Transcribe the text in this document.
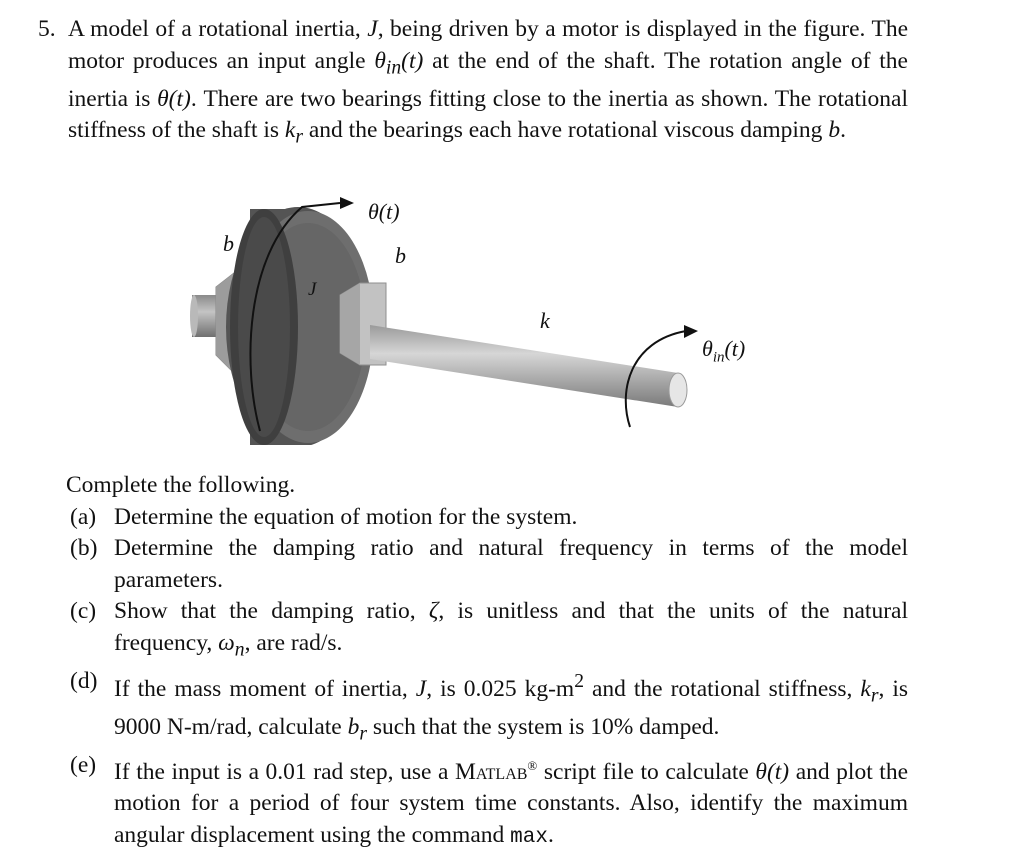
5. A model of a rotational inertia, J, being driven by a motor is displayed in the figure. The motor produces an input angle $\theta_{in}(t)$ at the end of the shaft. The rotation angle of the inertia is θ(t). There are two bearings fitting close to the inertia as shown. The rotational stiffness of the shaft is $k_r$ and the bearings each have rotational viscous damping b.
θ(t)
b	b
J
k
$\theta_{in}(t)$
Complete the following.
(a) Determine the equation of motion for the system.
(b) Determine the damping ratio and natural frequency in terms of the model parameters.
(c) Show that the damping ratio, ζ, is unitless and that the units of the natural frequency, $\omega_n$, are rad/s.
(d) If the mass moment of inertia, J, is 0.025 $kg-m^2$ and the rotational stiffness, $k_r$, is 9000 N-m/rad, calculate $b_r$ such that the system is 10% damped.
(e) If the input is a 0.01 rad step, use a Matlab® script file to calculate θ(t) and plot the motion for a period of four system time constants. Also, identify the maximum angular displacement using the command max.
